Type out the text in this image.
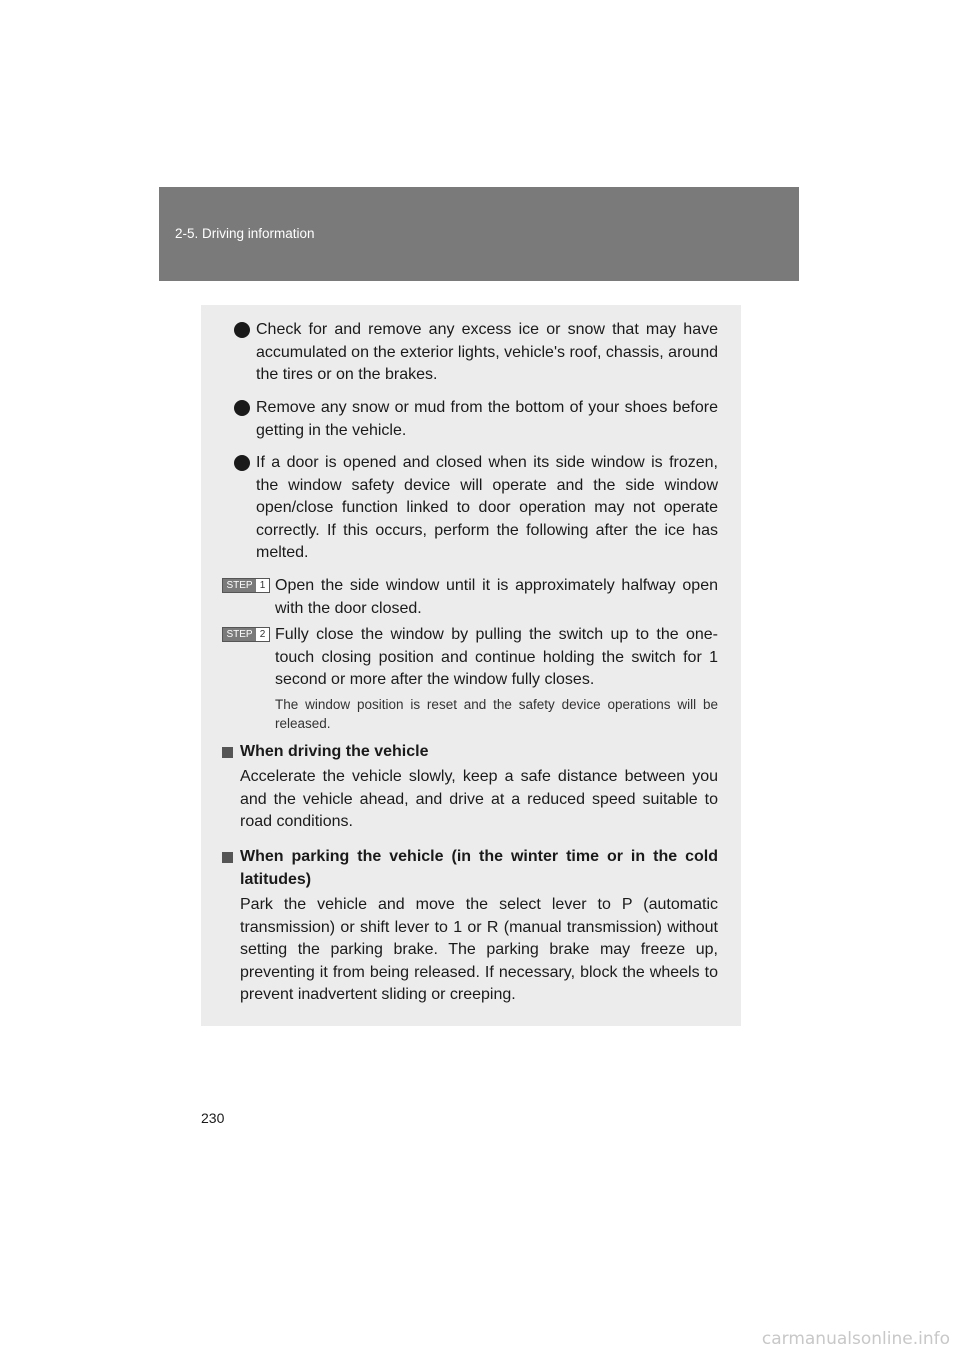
2-5. Driving information
Check for and remove any excess ice or snow that may have accumulated on the exterior lights, vehicle's roof, chassis, around the tires or on the brakes.
Remove any snow or mud from the bottom of your shoes before getting in the vehicle.
If a door is opened and closed when its side window is frozen, the window safety device will operate and the side window open/close function linked to door operation may not operate correctly. If this occurs, perform the following after the ice has melted.
STEP 1 Open the side window until it is approximately halfway open with the door closed.
STEP 2 Fully close the window by pulling the switch up to the one-touch closing position and continue holding the switch for 1 second or more after the window fully closes.
The window position is reset and the safety device operations will be released.
When driving the vehicle
Accelerate the vehicle slowly, keep a safe distance between you and the vehicle ahead, and drive at a reduced speed suitable to road conditions.
When parking the vehicle (in the winter time or in the cold latitudes)
Park the vehicle and move the select lever to P (automatic transmission) or shift lever to 1 or R (manual transmission) without setting the parking brake. The parking brake may freeze up, preventing it from being released. If necessary, block the wheels to prevent inadvertent sliding or creeping.
230
carmanualsonline.info
